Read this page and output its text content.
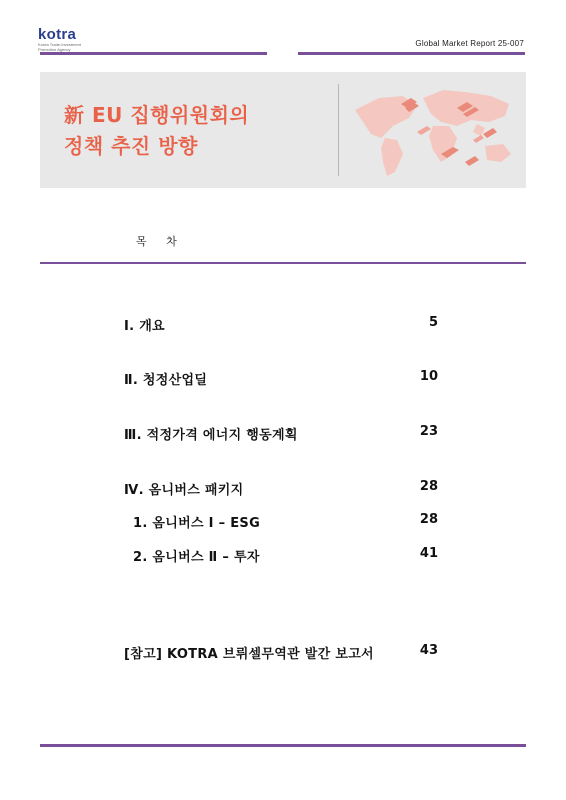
kotra
Korea Trade-Investment
Promotion Agency
Global Market Report 25-007
新 EU 집행위원회의
정책 추진 방향
목 차
Ⅰ. 개요	5
Ⅱ. 청정산업딜	10
Ⅲ. 적정가격 에너지 행동계획	23
Ⅳ. 옴니버스 패키지	28
1. 옴니버스 Ⅰ – ESG	28
2. 옴니버스 Ⅱ – 투자	41
[참고] KOTRA 브뤼셀무역관 발간 보고서	43
